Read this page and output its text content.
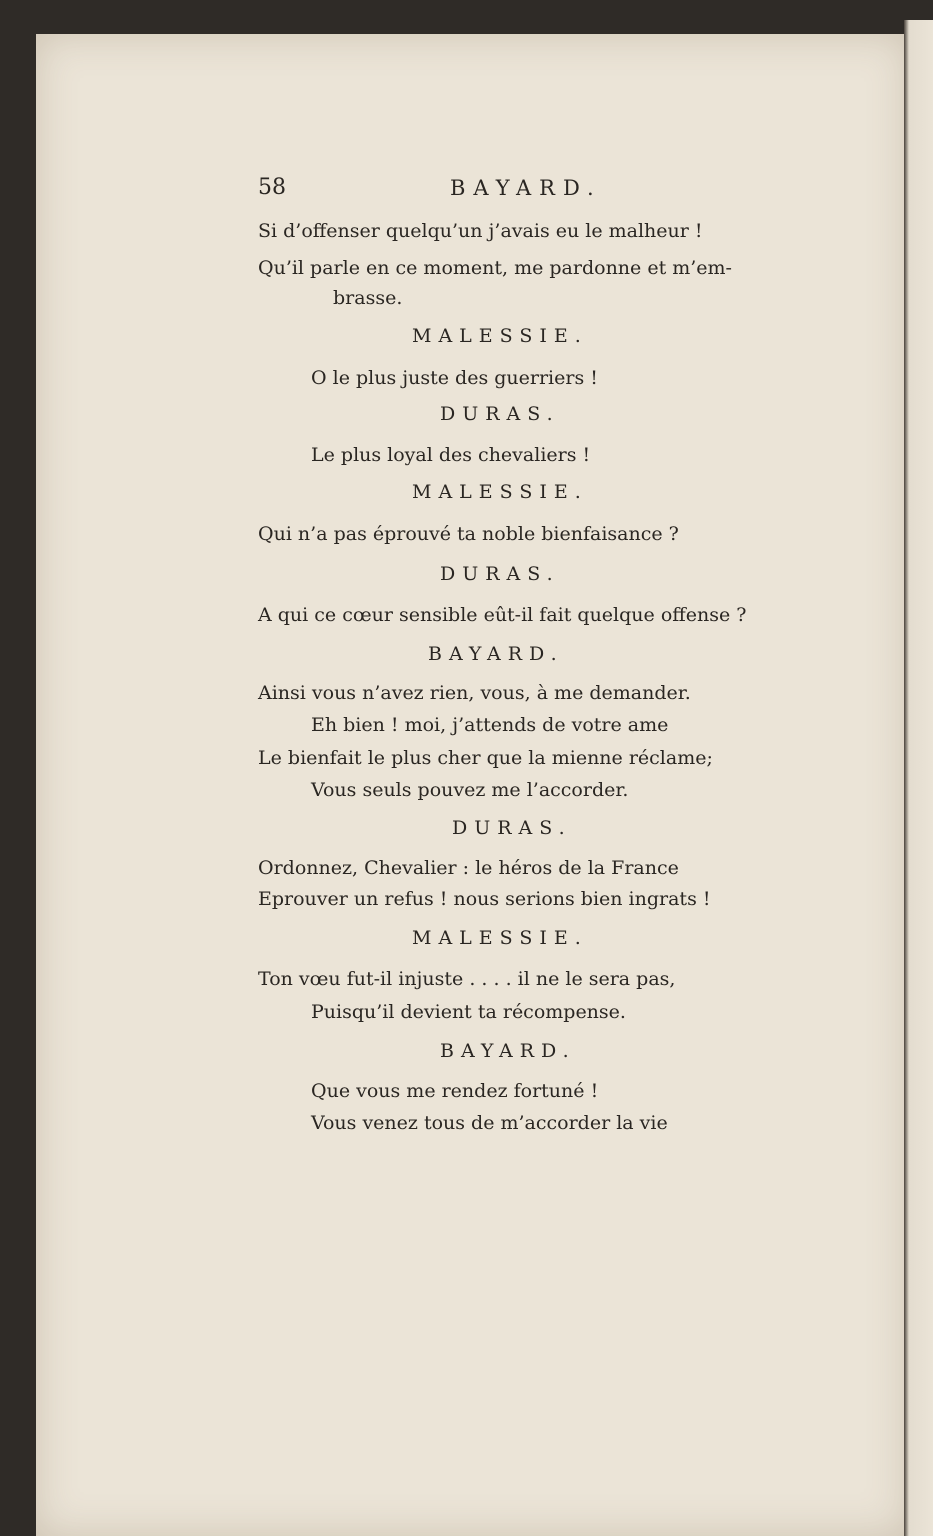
58	BAYARD.
Si d’offenser quelqu’un j’avais eu le malheur !
Qu’il parle en ce moment, me pardonne et m’em-
brasse.
MALESSIE.
O le plus juste des guerriers !
DURAS.
Le plus loyal des chevaliers !
MALESSIE.
Qui n’a pas éprouvé ta noble bienfaisance ?
DURAS.
A qui ce cœur sensible eût-il fait quelque offense ?
BAYARD.
Ainsi vous n’avez rien, vous, à me demander.
Eh bien ! moi, j’attends de votre ame
Le bienfait le plus cher que la mienne réclame;
Vous seuls pouvez me l’accorder.
DURAS.
Ordonnez, Chevalier : le héros de la France
Eprouver un refus ! nous serions bien ingrats !
MALESSIE.
Ton vœu fut-il injuste . . . . il ne le sera pas,
Puisqu’il devient ta récompense.
BAYARD.
Que vous me rendez fortuné !
Vous venez tous de m’accorder la vie
